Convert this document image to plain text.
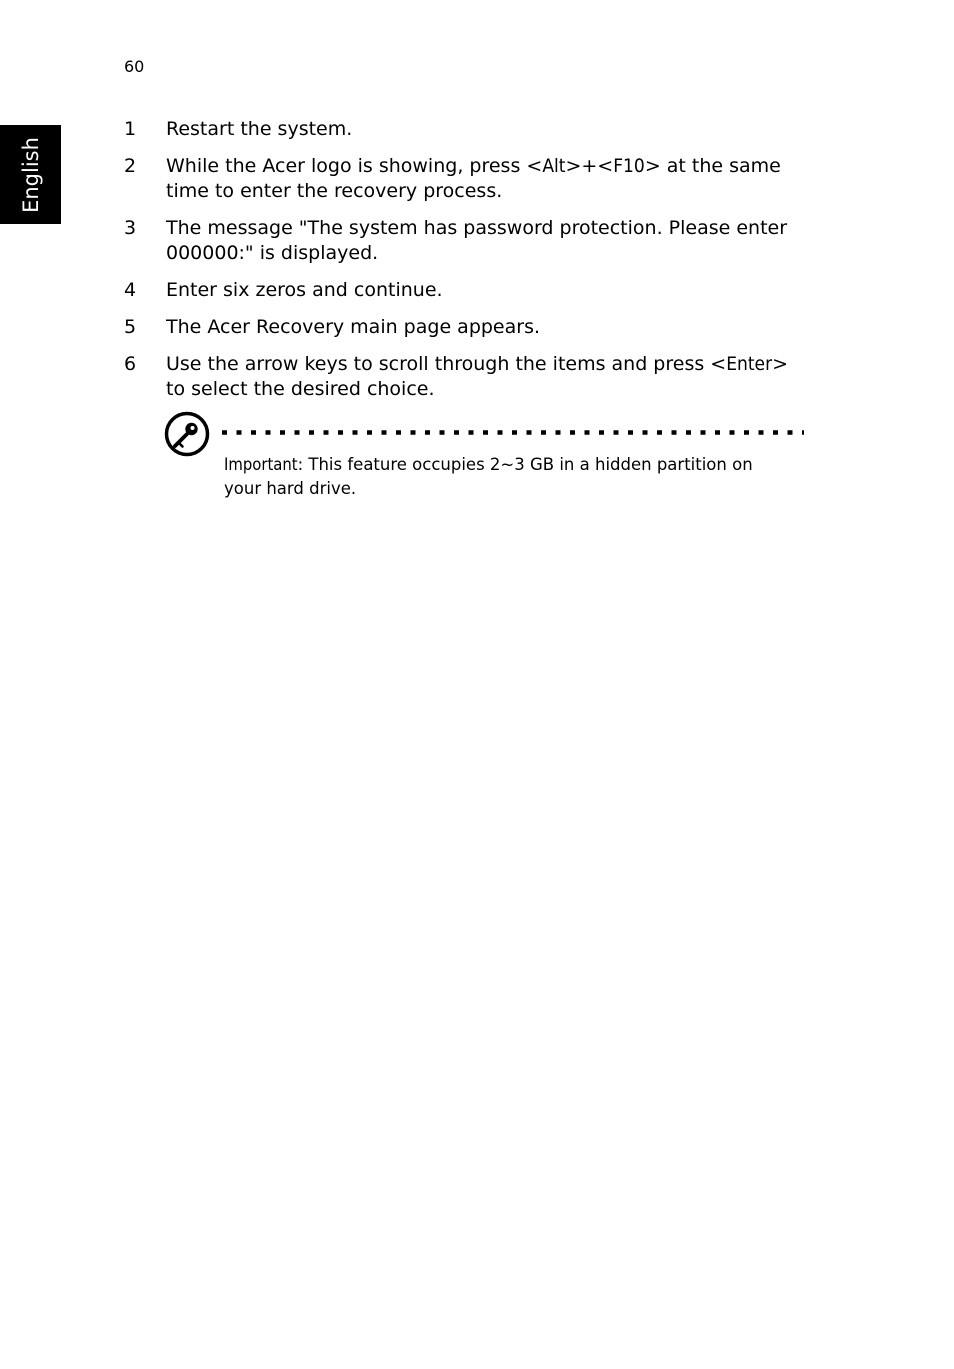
60
English
1 Restart the system.
2 While the Acer logo is showing, press <Alt>+<F10> at the same time to enter the recovery process.
3 The message "The system has password protection. Please enter 000000:" is displayed.
4 Enter six zeros and continue.
5 The Acer Recovery main page appears.
6 Use the arrow keys to scroll through the items and press <Enter> to select the desired choice.
Important: This feature occupies 2~3 GB in a hidden partition on your hard drive.
